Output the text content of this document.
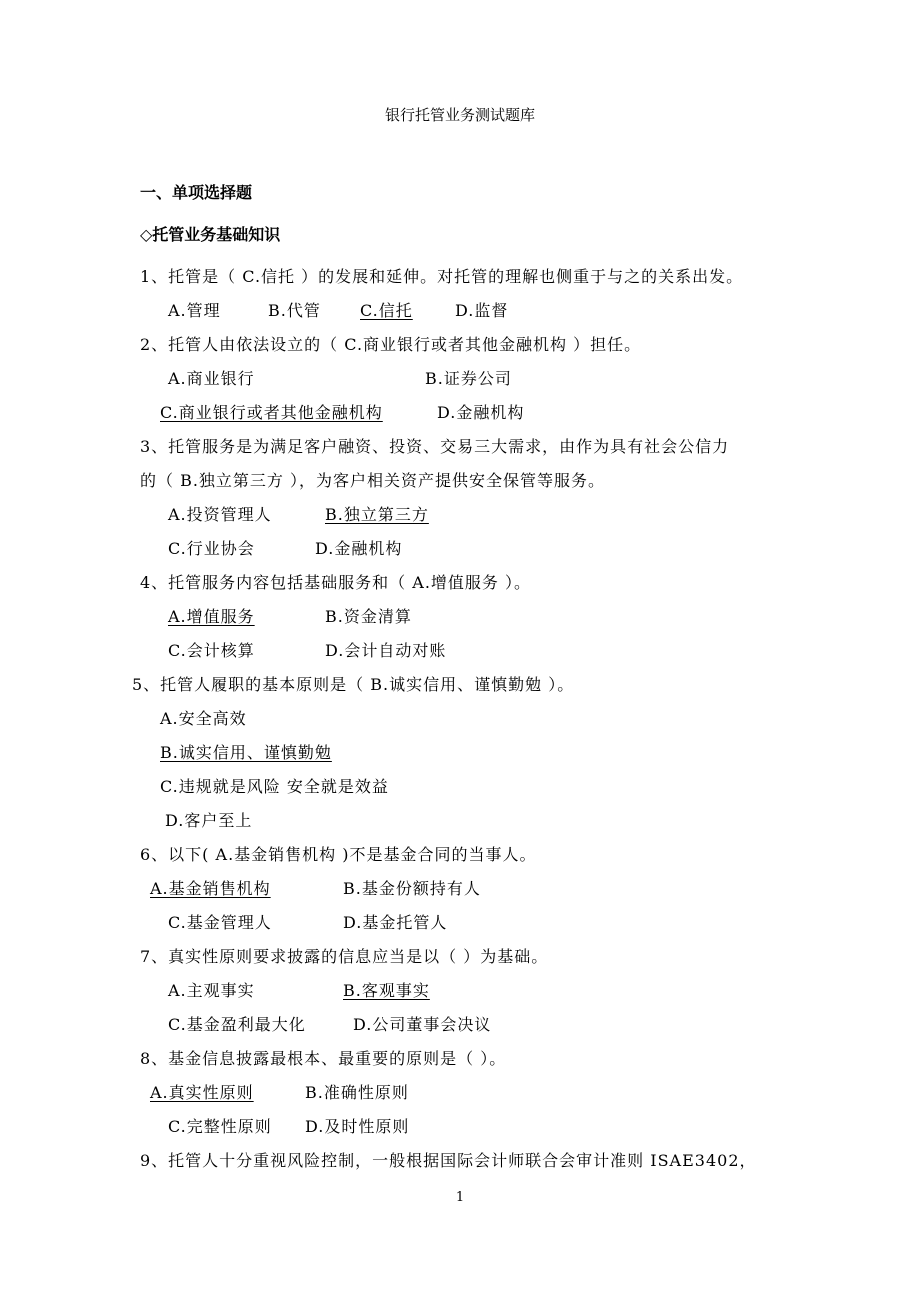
银行托管业务测试题库
一、单项选择题
◇托管业务基础知识
1、托管是（ C.信托 ）的发展和延伸。对托管的理解也侧重于与之的关系出发。
A.管理	B.代管 C.信托	D.监督
2、托管人由依法设立的（ C.商业银行或者其他金融机构 ）担任。
A.商业银行	B.证券公司
C.商业银行或者其他金融机构	D.金融机构
3、托管服务是为满足客户融资、投资、交易三大需求，由作为具有社会公信力
的（ B.独立第三方 ），为客户相关资产提供安全保管等服务。
A.投资管理人	B.独立第三方
C.行业协会	D.金融机构
4、托管服务内容包括基础服务和（ A.增值服务 ）。
A.增值服务	B.资金清算
C.会计核算	D.会计自动对账
5、托管人履职的基本原则是（ B.诚实信用、谨慎勤勉 ）。
A.安全高效
B.诚实信用、谨慎勤勉
C.违规就是风险 安全就是效益
D.客户至上
6、以下( A.基金销售机构 )不是基金合同的当事人。
A.基金销售机构	B.基金份额持有人
C.基金管理人	D.基金托管人
7、真实性原则要求披露的信息应当是以（ ）为基础。
A.主观事实	B.客观事实
C.基金盈利最大化	D.公司董事会决议
8、基金信息披露最根本、最重要的原则是（ ）。
A.真实性原则	B.准确性原则
C.完整性原则 D.及时性原则
9、托管人十分重视风险控制，一般根据国际会计师联合会审计准则 ISAE3402，
1
